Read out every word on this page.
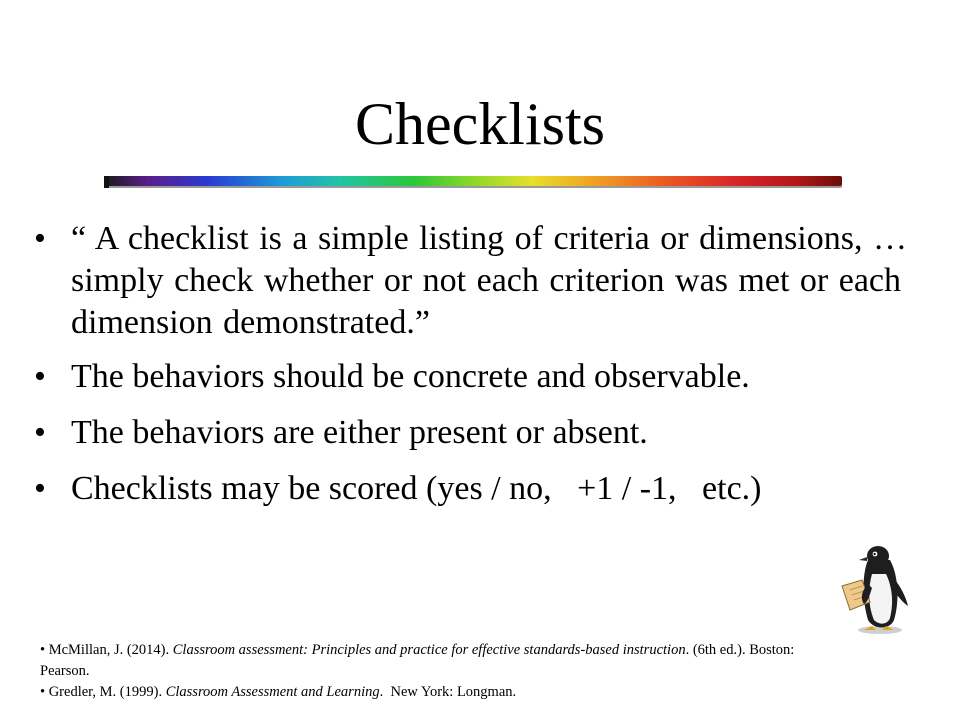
Checklists
• “ A checklist is a simple listing of criteria or dimensions, … simply check whether or not each criterion was met or each dimension demonstrated.”
• The behaviors should be concrete and observable.
• The behaviors are either present or absent.
• Checklists may be scored (yes / no,   +1 / -1,   etc.)

• McMillan, J. (2014). Classroom assessment: Principles and practice for effective standards-based instruction. (6th ed.). Boston: Pearson.

• Gredler, M. (1999). Classroom Assessment and Learning.  New York: Longman.
